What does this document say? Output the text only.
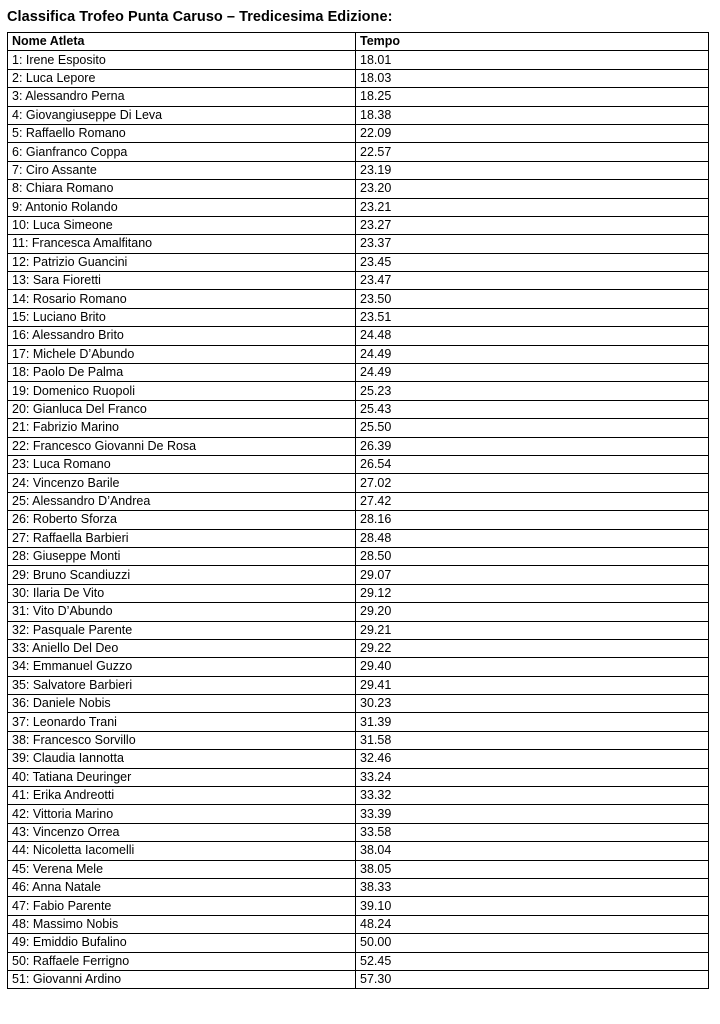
Classifica Trofeo Punta Caruso – Tredicesima Edizione:
Nome Atleta	Tempo
1: Irene Esposito	18.01
2: Luca Lepore	18.03
3: Alessandro Perna	18.25
4: Giovangiuseppe Di Leva	18.38
5: Raffaello Romano	22.09
6: Gianfranco Coppa	22.57
7: Ciro Assante	23.19
8: Chiara Romano	23.20
9: Antonio Rolando	23.21
10: Luca Simeone	23.27
11: Francesca Amalfitano	23.37
12: Patrizio Guancini	23.45
13: Sara Fioretti	23.47
14: Rosario Romano	23.50
15: Luciano Brito	23.51
16: Alessandro Brito	24.48
17: Michele D’Abundo	24.49
18: Paolo De Palma	24.49
19: Domenico Ruopoli	25.23
20: Gianluca Del Franco	25.43
21: Fabrizio Marino	25.50
22: Francesco Giovanni De Rosa	26.39
23: Luca Romano	26.54
24: Vincenzo Barile	27.02
25: Alessandro D’Andrea	27.42
26: Roberto Sforza	28.16
27: Raffaella Barbieri	28.48
28: Giuseppe Monti	28.50
29: Bruno Scandiuzzi	29.07
30: Ilaria De Vito	29.12
31: Vito D’Abundo	29.20
32: Pasquale Parente	29.21
33: Aniello Del Deo	29.22
34: Emmanuel Guzzo	29.40
35: Salvatore Barbieri	29.41
36: Daniele Nobis	30.23
37: Leonardo Trani	31.39
38: Francesco Sorvillo	31.58
39: Claudia Iannotta	32.46
40: Tatiana Deuringer	33.24
41: Erika Andreotti	33.32
42: Vittoria Marino	33.39
43: Vincenzo Orrea	33.58
44: Nicoletta Iacomelli	38.04
45: Verena Mele	38.05
46: Anna Natale	38.33
47: Fabio Parente	39.10
48: Massimo Nobis	48.24
49: Emiddio Bufalino	50.00
50: Raffaele Ferrigno	52.45
51: Giovanni Ardino	57.30
